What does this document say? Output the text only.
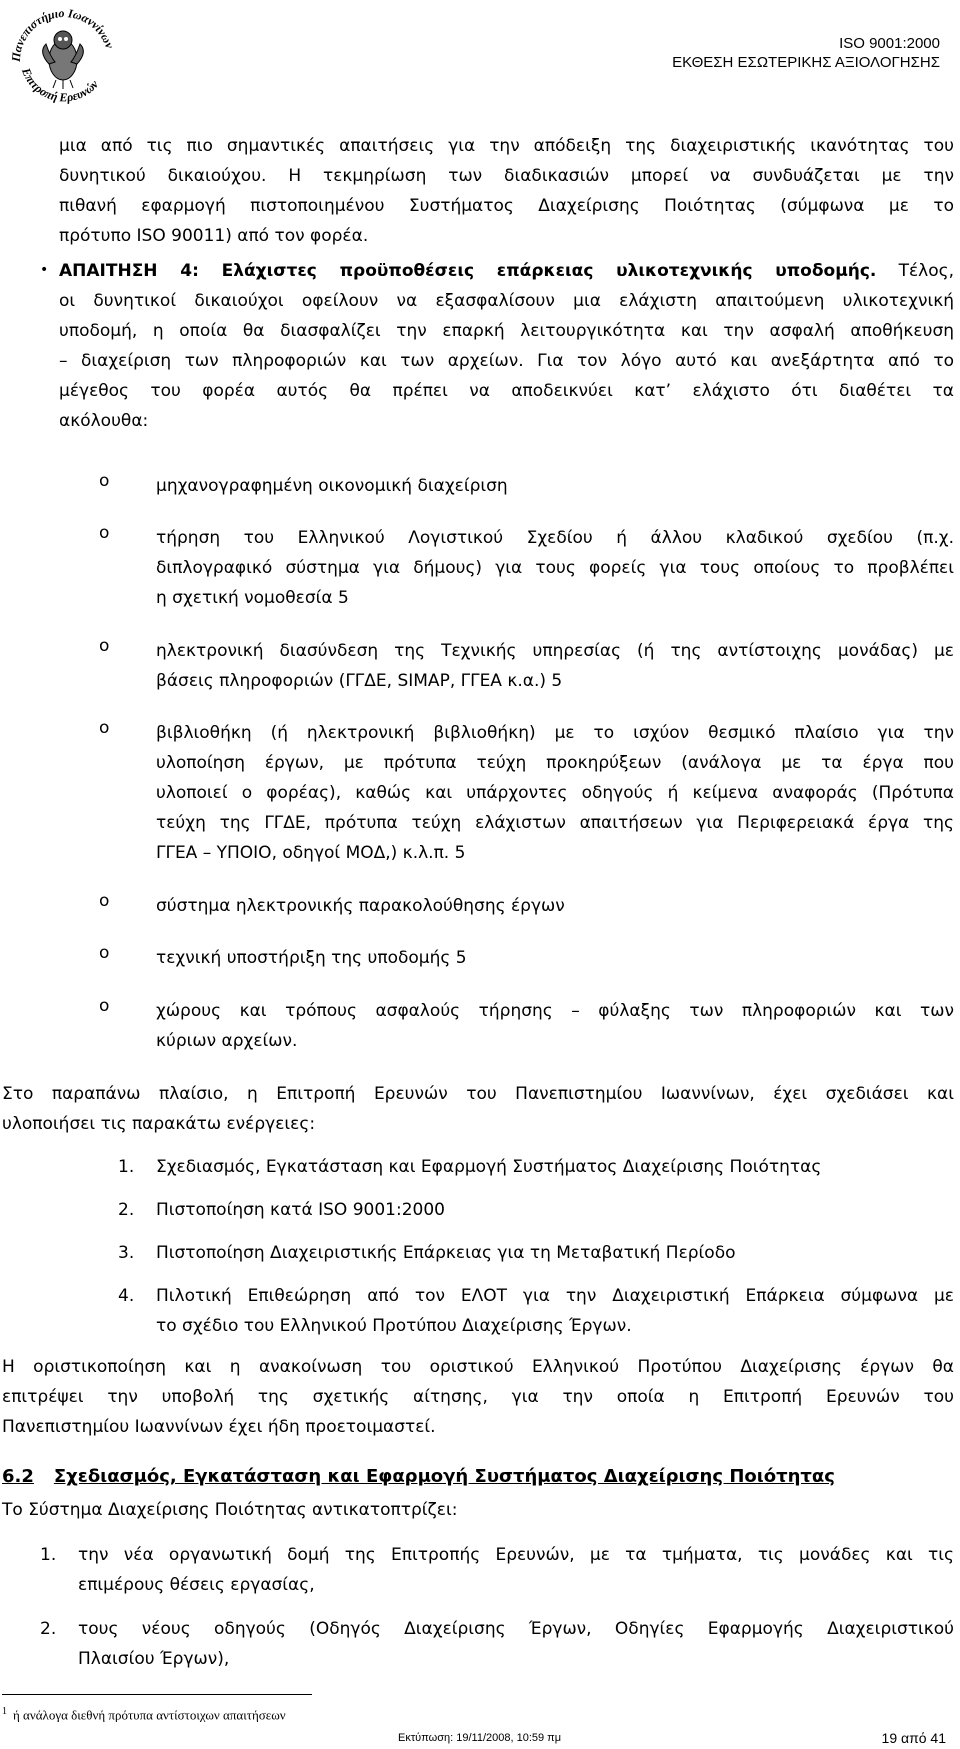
Πανεπιστήμιο Ιωαννίνων
Επιτροπή Ερευνών
ISO 9001:2000
ΕΚΘΕΣΗ ΕΣΩΤΕΡΙΚΗΣ ΑΞΙΟΛΟΓΗΣΗΣ
μια από τις πιο σημαντικές απαιτήσεις για την απόδειξη της διαχειριστικής ικανότητας του
δυνητικού δικαιούχου. Η τεκμηρίωση των διαδικασιών μπορεί να συνδυάζεται με την
πιθανή εφαρμογή πιστοποιημένου Συστήματος Διαχείρισης Ποιότητας (σύμφωνα με το
πρότυπο ISO 90011) από τον φορέα.
• ΑΠΑΙΤΗΣΗ 4: Ελάχιστες προϋποθέσεις επάρκειας υλικοτεχνικής υποδομής. Τέλος,
οι δυνητικοί δικαιούχοι οφείλουν να εξασφαλίσουν μια ελάχιστη απαιτούμενη υλικοτεχνική
υποδομή, η οποία θα διασφαλίζει την επαρκή λειτουργικότητα και την ασφαλή αποθήκευση
– διαχείριση των πληροφοριών και των αρχείων. Για τον λόγο αυτό και ανεξάρτητα από το
μέγεθος του φορέα αυτός θα πρέπει να αποδεικνύει κατ’ ελάχιστο ότι διαθέτει τα
ακόλουθα:
o	μηχανογραφημένη οικονομική διαχείριση
o	τήρηση του Ελληνικού Λογιστικού Σχεδίου ή άλλου κλαδικού σχεδίου (π.χ.
διπλογραφικό σύστημα για δήμους) για τους φορείς για τους οποίους το προβλέπει
η σχετική νομοθεσία 5
o	ηλεκτρονική διασύνδεση της Τεχνικής υπηρεσίας (ή της αντίστοιχης μονάδας) με
βάσεις πληροφοριών (ΓΓΔΕ, SIMAP, ΓΓΕΑ κ.α.) 5
o	βιβλιοθήκη (ή ηλεκτρονική βιβλιοθήκη) με το ισχύον θεσμικό πλαίσιο για την
υλοποίηση έργων, με πρότυπα τεύχη προκηρύξεων (ανάλογα με τα έργα που
υλοποιεί ο φορέας), καθώς και υπάρχοντες οδηγούς ή κείμενα αναφοράς (Πρότυπα
τεύχη της ΓΓΔΕ, πρότυπα τεύχη ελάχιστων απαιτήσεων για Περιφερειακά έργα της
ΓΓΕΑ – ΥΠΟΙΟ, οδηγοί ΜΟΔ,) κ.λ.π. 5
o	σύστημα ηλεκτρονικής παρακολούθησης έργων
o	τεχνική υποστήριξη της υποδομής 5
o	χώρους και τρόπους ασφαλούς τήρησης – φύλαξης των πληροφοριών και των
κύριων αρχείων.
Στο παραπάνω πλαίσιο, η Επιτροπή Ερευνών του Πανεπιστημίου Ιωαννίνων, έχει σχεδιάσει και
υλοποιήσει τις παρακάτω ενέργειες:
1. Σχεδιασμός, Εγκατάσταση και Εφαρμογή Συστήματος Διαχείρισης Ποιότητας
2. Πιστοποίηση κατά ISO 9001:2000
3. Πιστοποίηση Διαχειριστικής Επάρκειας για τη Μεταβατική Περίοδο
4. Πιλοτική Επιθεώρηση από τον ΕΛΟΤ για την Διαχειριστική Επάρκεια σύμφωνα με
το σχέδιο του Ελληνικού Προτύπου Διαχείρισης Έργων.
Η οριστικοποίηση και η ανακοίνωση του οριστικού Ελληνικού Προτύπου Διαχείρισης έργων θα
επιτρέψει την υποβολή της σχετικής αίτησης, για την οποία η Επιτροπή Ερευνών του
Πανεπιστημίου Ιωαννίνων έχει ήδη προετοιμαστεί.
6.2 Σχεδιασμός, Εγκατάσταση και Εφαρμογή Συστήματος Διαχείρισης Ποιότητας
Το Σύστημα Διαχείρισης Ποιότητας αντικατοπτρίζει:
1. την νέα οργανωτική δομή της Επιτροπής Ερευνών, με τα τμήματα, τις μονάδες και τις
επιμέρους θέσεις εργασίας,
2. τους νέους οδηγούς (Οδηγός Διαχείρισης Έργων, Οδηγίες Εφαρμογής Διαχειριστικού
Πλαισίου Έργων),
$^1$ ή ανάλογα διεθνή πρότυπα αντίστοιχων απαιτήσεων
Εκτύπωση: 19/11/2008, 10:59 πμ	19 από 41
